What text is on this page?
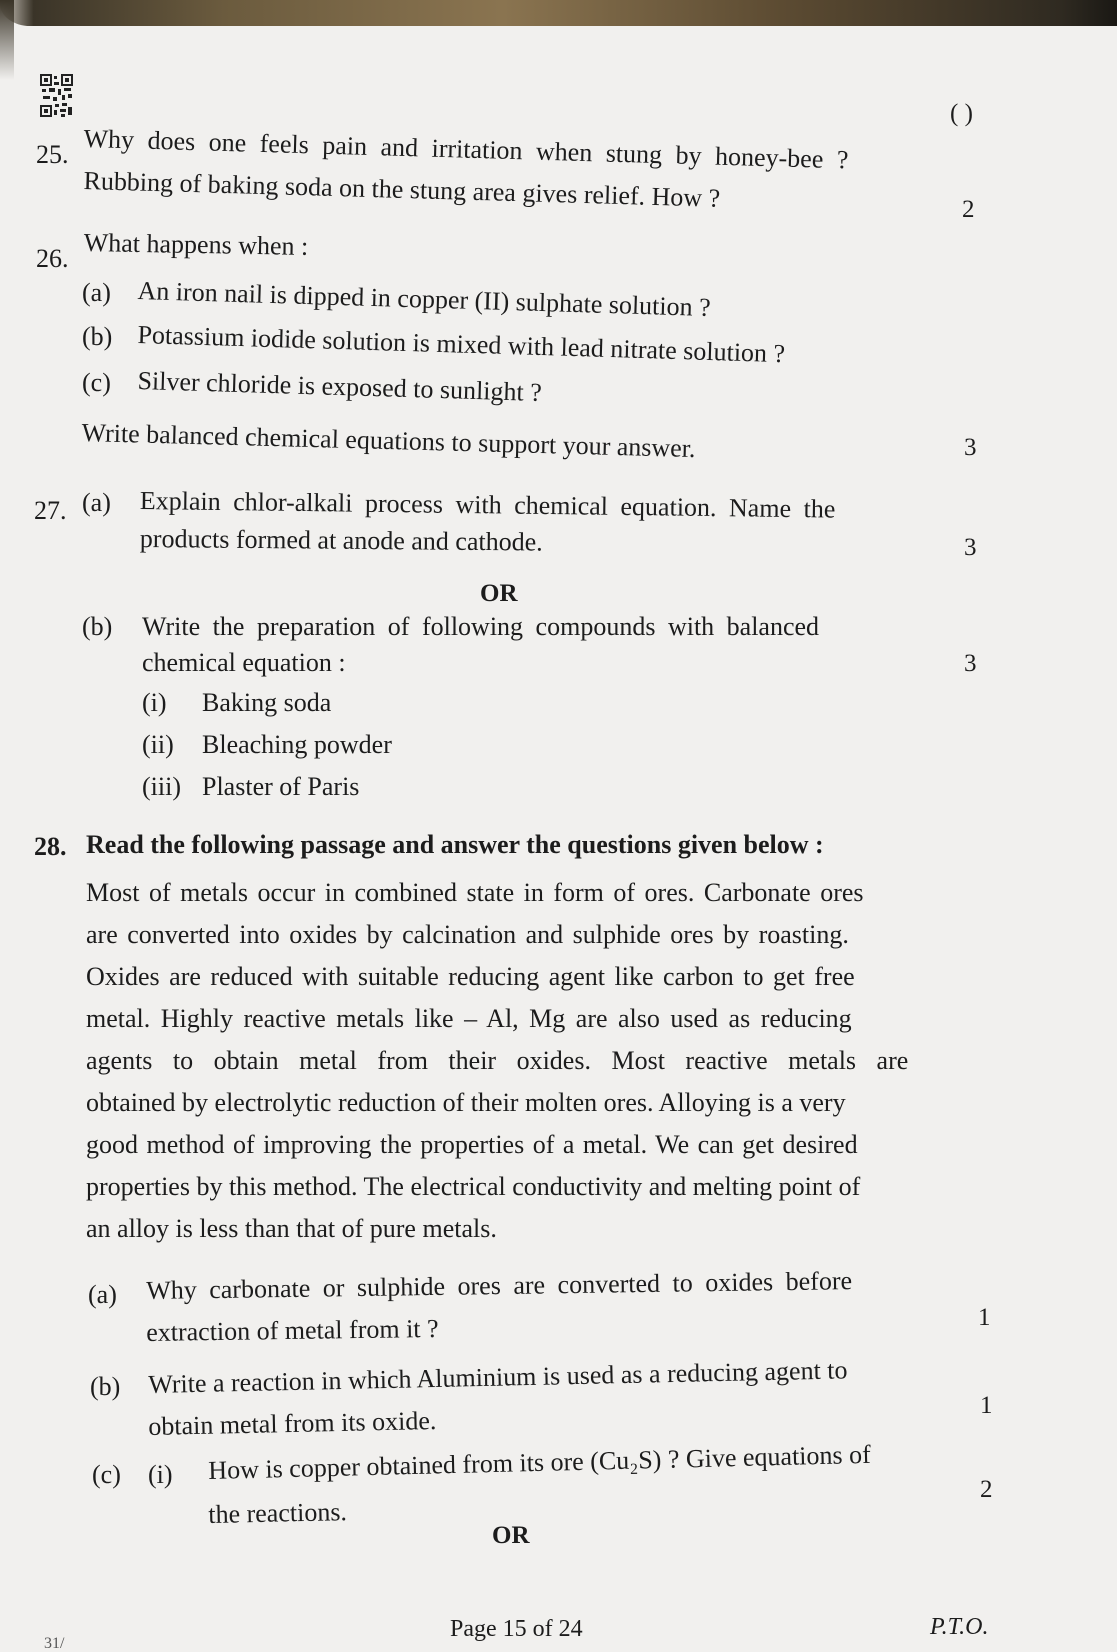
( )
25. Why does one feels pain and irritation when stung by honey-bee ?
Rubbing of baking soda on the stung area gives relief. How ?	2
26. What happens when :
(a) An iron nail is dipped in copper (II) sulphate solution ?
(b) Potassium iodide solution is mixed with lead nitrate solution ?
(c) Silver chloride is exposed to sunlight ?
Write balanced chemical equations to support your answer.	3
27. (a) Explain chlor-alkali process with chemical equation. Name the
products formed at anode and cathode.	3
OR
(b) Write the preparation of following compounds with balanced
chemical equation :	3
(i) Baking soda
(ii) Bleaching powder
(iii) Plaster of Paris
28. Read the following passage and answer the questions given below :
Most of metals occur in combined state in form of ores. Carbonate ores
are converted into oxides by calcination and sulphide ores by roasting.
Oxides are reduced with suitable reducing agent like carbon to get free
metal. Highly reactive metals like – Al, Mg are also used as reducing
agents to obtain metal from their oxides. Most reactive metals are
obtained by electrolytic reduction of their molten ores. Alloying is a very
good method of improving the properties of a metal. We can get desired
properties by this method. The electrical conductivity and melting point of
an alloy is less than that of pure metals.
(a) Why carbonate or sulphide ores are converted to oxides before
extraction of metal from it ?	1
(b) Write a reaction in which Aluminium is used as a reducing agent to
obtain metal from its oxide.
1
(c) (i) How is copper obtained from its ore (Cu₂S) ? Give equations of
the reactions.
2
OR
31/
Page 15 of 24	P.T.O.
